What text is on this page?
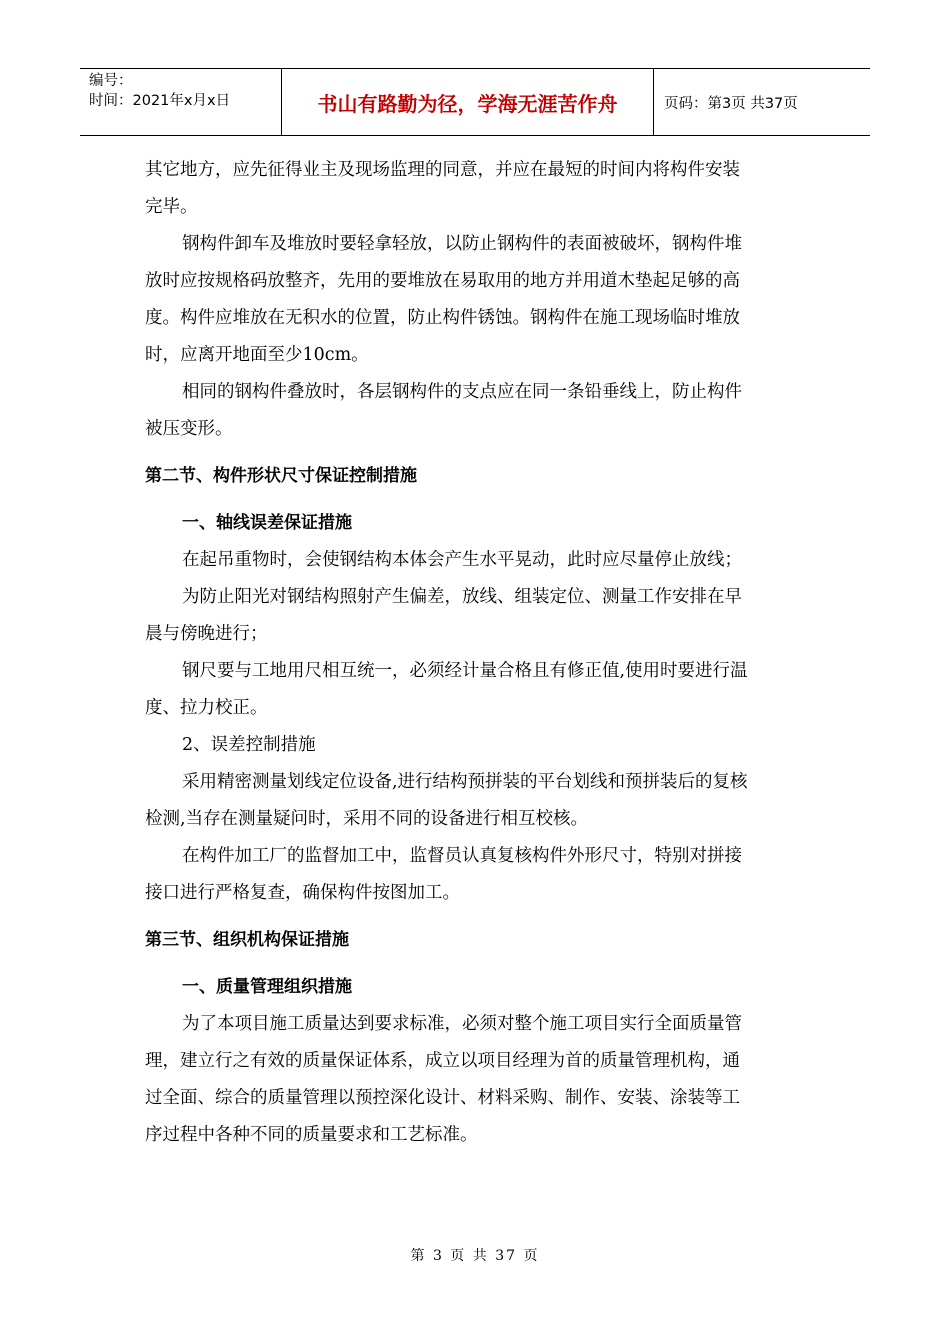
编号：
时间：2021年x月x日	书山有路勤为径，学海无涯苦作舟	页码：第3页 共37页
其它地方，应先征得业主及现场监理的同意，并应在最短的时间内将构件安装
完毕。
钢构件卸车及堆放时要轻拿轻放，以防止钢构件的表面被破坏，钢构件堆
放时应按规格码放整齐，先用的要堆放在易取用的地方并用道木垫起足够的高
度。构件应堆放在无积水的位置，防止构件锈蚀。钢构件在施工现场临时堆放
时，应离开地面至少10cm。
相同的钢构件叠放时，各层钢构件的支点应在同一条铅垂线上，防止构件
被压变形。
第二节、构件形状尺寸保证控制措施
一、轴线误差保证措施
在起吊重物时，会使钢结构本体会产生水平晃动，此时应尽量停止放线；
为防止阳光对钢结构照射产生偏差，放线、组装定位、测量工作安排在早
晨与傍晚进行；
钢尺要与工地用尺相互统一，必须经计量合格且有修正值,使用时要进行温
度、拉力校正。
2、误差控制措施
采用精密测量划线定位设备,进行结构预拼装的平台划线和预拼装后的复核
检测,当存在测量疑问时，采用不同的设备进行相互校核。
在构件加工厂的监督加工中，监督员认真复核构件外形尺寸，特别对拼接
接口进行严格复查，确保构件按图加工。
第三节、组织机构保证措施
一、质量管理组织措施
为了本项目施工质量达到要求标准，必须对整个施工项目实行全面质量管
理，建立行之有效的质量保证体系，成立以项目经理为首的质量管理机构，通
过全面、综合的质量管理以预控深化设计、材料采购、制作、安装、涂装等工
序过程中各种不同的质量要求和工艺标准。
第 3 页 共 37 页
